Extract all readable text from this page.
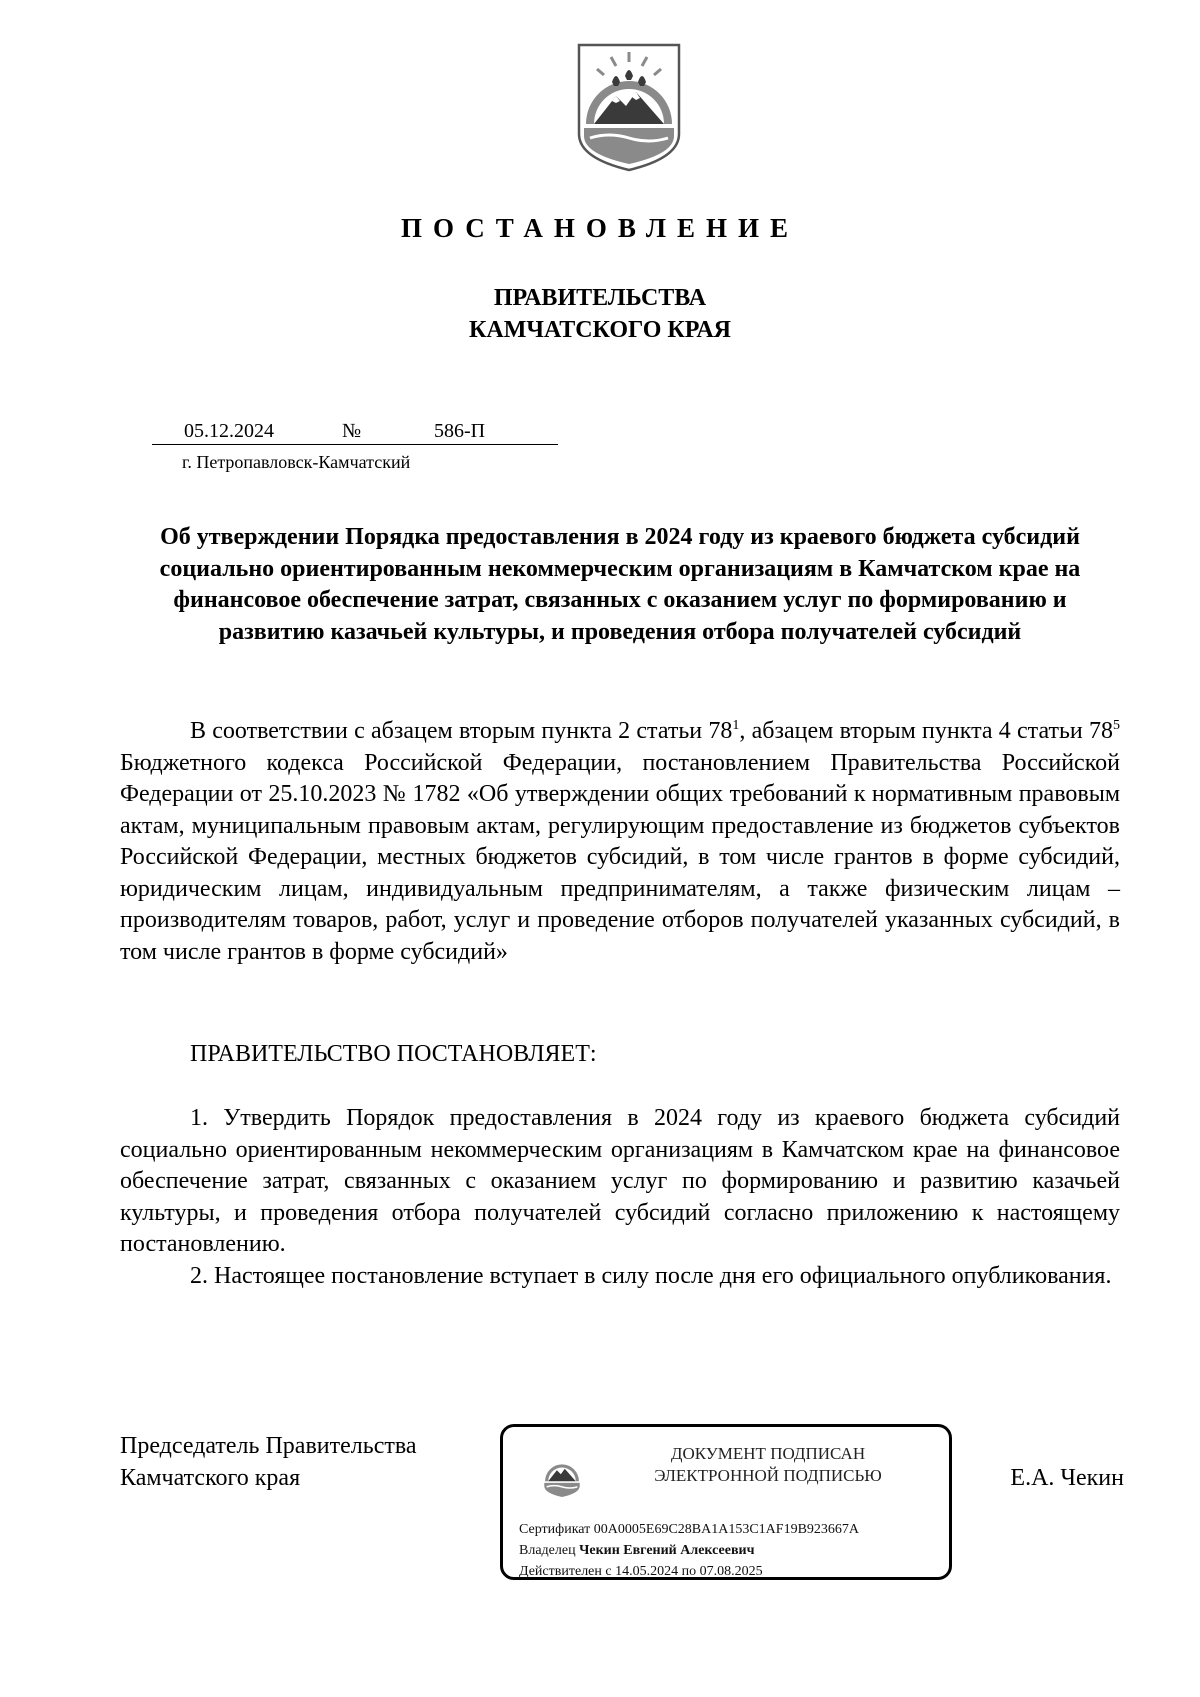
ПОСТАНОВЛЕНИЕ
ПРАВИТЕЛЬСТВА
КАМЧАТСКОГО КРАЯ
05.12.2024	№	586-П
г. Петропавловск-Камчатский
Об утверждении Порядка предоставления в 2024 году из краевого бюджета субсидий социально ориентированным некоммерческим организациям в Камчатском крае на финансовое обеспечение затрат, связанных с оказанием услуг по формированию и развитию казачьей культуры, и проведения отбора получателей субсидий

В соответствии с абзацем вторым пункта 2 статьи $78^1$, абзацем вторым пункта 4 статьи $78^5$ Бюджетного кодекса Российской Федерации, постановлением Правительства Российской Федерации от 25.10.2023 № 1782 «Об утверждении общих требований к нормативным правовым актам, муниципальным правовым актам, регулирующим предоставление из бюджетов субъектов Российской Федерации, местных бюджетов субсидий, в том числе грантов в форме субсидий, юридическим лицам, индивидуальным предпринимателям, а также физическим лицам – производителям товаров, работ, услуг и проведение отборов получателей указанных субсидий, в том числе грантов в форме субсидий»

ПРАВИТЕЛЬСТВО ПОСТАНОВЛЯЕТ:
1. Утвердить Порядок предоставления в 2024 году из краевого бюджета субсидий социально ориентированным некоммерческим организациям в Камчатском крае на финансовое обеспечение затрат, связанных с оказанием услуг по формированию и развитию казачьей культуры, и проведения отбора получателей субсидий согласно приложению к настоящему постановлению.
2. Настоящее постановление вступает в силу после дня его официального опубликования.
Председатель Правительства
Камчатского края
ДОКУМЕНТ ПОДПИСАН
ЭЛЕКТРОННОЙ ПОДПИСЬЮ
Сертификат 00A0005E69C28BA1A153C1AF19B923667A
Владелец Чекин Евгений Алексеевич
Действителен с 14.05.2024 по 07.08.2025
Е.А. Чекин
